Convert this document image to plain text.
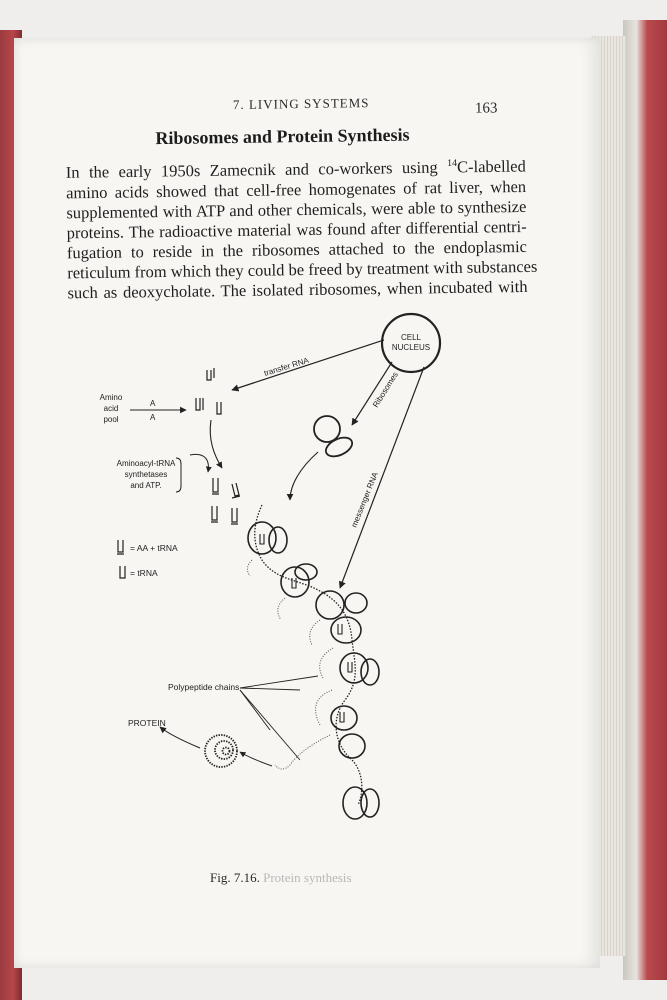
7. LIVING SYSTEMS	163
Ribosomes and Protein Synthesis
In the early 1950s Zamecnik and co-workers using $^{14}$C-labelled
amino acids showed that cell-free homogenates of rat liver, when
supplemented with ATP and other chemicals, were able to synthesize
proteins. The radioactive material was found after differential centri-
fugation to reside in the ribosomes attached to the endoplasmic
reticulum from which they could be freed by treatment with substances
such as deoxycholate. The isolated ribosomes, when incubated with
CELL
NUCLEUS
transfer RNA
Ribosomes
messenger RNA
Amino
acid
pool
A
A
Aminoacyl-tRNA
synthetases
and ATP.
= AA + tRNA
= tRNA
Polypeptide chains
PROTEIN
Fig. 7.16. Protein synthesis
